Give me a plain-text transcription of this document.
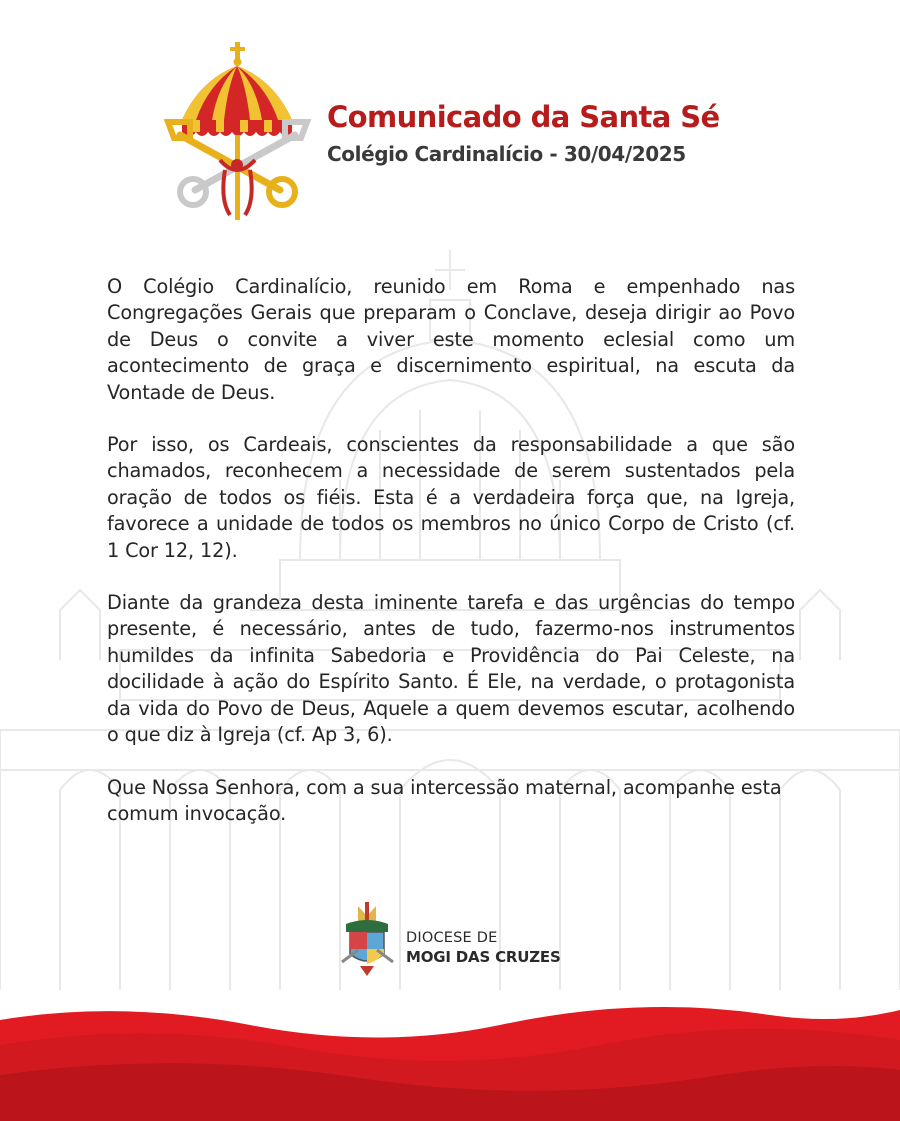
Comunicado da Santa Sé
Colégio Cardinalício - 30/04/2025

O Colégio Cardinalício, reunido em Roma e empenhado nas Congregações Gerais que preparam o Conclave, deseja dirigir ao Povo de Deus o convite a viver este momento eclesial como um acontecimento de graça e discernimento espiritual, na escuta da Vontade de Deus.

Por isso, os Cardeais, conscientes da responsabilidade a que são chamados, reconhecem a necessidade de serem sustentados pela oração de todos os fiéis. Esta é a verdadeira força que, na Igreja, favorece a unidade de todos os membros no único Corpo de Cristo (cf. 1 Cor 12, 12).

Diante da grandeza desta iminente tarefa e das urgências do tempo presente, é necessário, antes de tudo, fazermo-nos instrumentos humildes da infinita Sabedoria e Providência do Pai Celeste, na docilidade à ação do Espírito Santo. É Ele, na verdade, o protagonista da vida do Povo de Deus, Aquele a quem devemos escutar, acolhendo o que diz à Igreja (cf. Ap 3, 6).

Que Nossa Senhora, com a sua intercessão maternal, acompanhe esta comum invocação.

DIOCESE DE
MOGI DAS CRUZES
